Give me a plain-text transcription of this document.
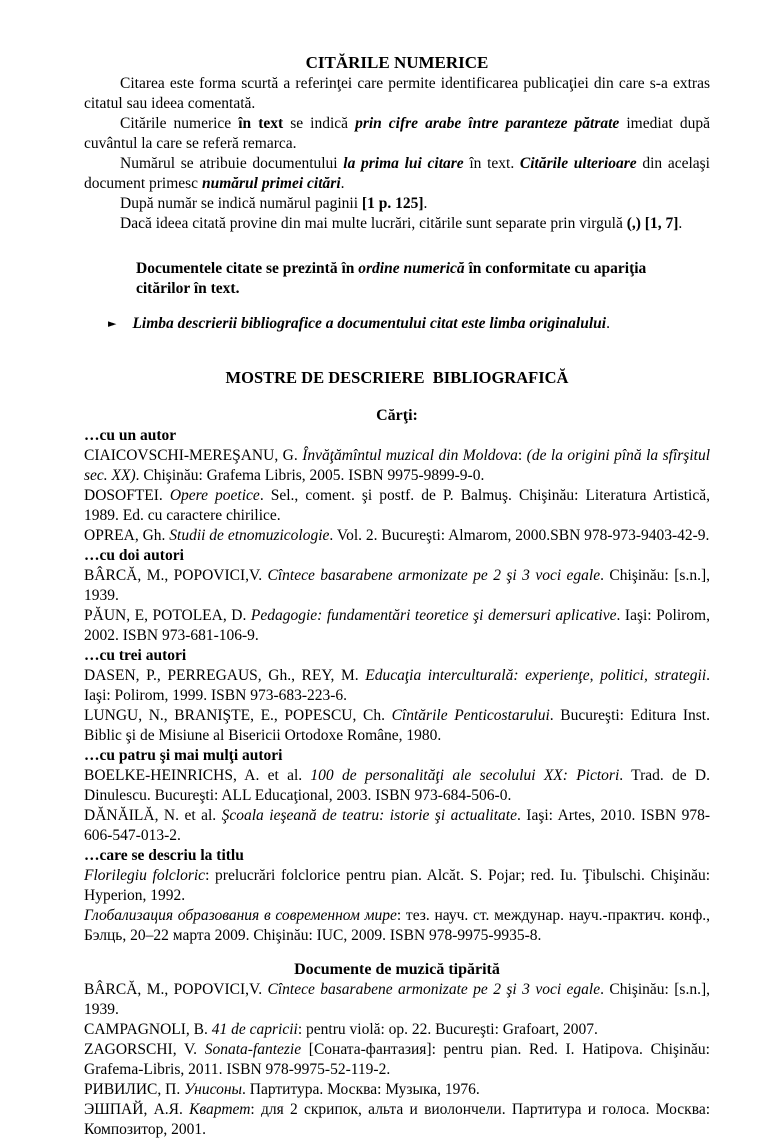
CITĂRILE NUMERICE

Citarea este forma scurtă a referinţei care permite identificarea publicaţiei din care s-a extras citatul sau ideea comentată.

Citările numerice în text se indică prin cifre arabe între paranteze pătrate imediat după cuvântul la care se referă remarca.

Numărul se atribuie documentului la prima lui citare în text. Citările ulterioare din acelaşi document primesc numărul primei citări.

După număr se indică numărul paginii [1 p. 125].

Dacă ideea citată provine din mai multe lucrări, citările sunt separate prin virgulă (,) [1, 7].

Documentele citate se prezintă în ordine numerică în conformitate cu apariţia citărilor în text.

► Limba descrierii bibliografice a documentului citat este limba originalului.

MOSTRE DE DESCRIERE  BIBLIOGRAFICĂ

Cărţi:

…cu un autor

CIAICOVSCHI-MEREŞANU, G. Învăţămîntul muzical din Moldova: (de la origini pînă la sfîrşitul sec. XX). Chişinău: Grafema Libris, 2005. ISBN 9975-9899-9-0.

DOSOFTEI. Opere poetice. Sel., coment. şi postf. de P. Balmuş. Chişinău: Literatura Artistică, 1989. Ed. cu caractere chirilice.

OPREA, Gh. Studii de etnomuzicologie. Vol. 2. Bucureşti: Almarom, 2000.SBN 978-973-9403-42-9.

…cu doi autori

BÂRCĂ, M., POPOVICI,V. Cîntece basarabene armonizate pe 2 şi 3 voci egale. Chişinău: [s.n.], 1939.

PĂUN, E, POTOLEA, D. Pedagogie: fundamentări teoretice şi demersuri aplicative. Iaşi: Polirom, 2002. ISBN 973-681-106-9.

…cu trei autori

DASEN, P., PERREGAUS, Gh., REY, M. Educaţia interculturală: experienţe, politici, strategii. Iaşi: Polirom, 1999. ISBN 973-683-223-6.

LUNGU, N., BRANIŞTE, E., POPESCU, Ch. Cîntările Penticostarului. Bucureşti: Editura Inst. Biblic şi de Misiune al Bisericii Ortodoxe Române, 1980.

…cu patru şi mai mulţi autori

BOELKE-HEINRICHS, A. et al. 100 de personalităţi ale secolului XX: Pictori. Trad. de D. Dinulescu. Bucureşti: ALL Educaţional, 2003. ISBN 973-684-506-0.

DĂNĂILĂ, N. et al. Şcoala ieşeană de teatru: istorie şi actualitate. Iaşi: Artes, 2010. ISBN 978-606-547-013-2.

…care se descriu la titlu

Florilegiu folcloric: prelucrări folclorice pentru pian. Alcăt. S. Pojar; red. Iu. Ţibulschi. Chişinău: Hyperion, 1992.

Глобализация образования в современном мире: тез. науч. ст. междунар. науч.-практич. конф., Бэлць, 20–22 марта 2009. Chişinău: IUC, 2009. ISBN 978-9975-9935-8.

Documente de muzică tipărită

BÂRCĂ, M., POPOVICI,V. Cîntece basarabene armonizate pe 2 şi 3 voci egale. Chişinău: [s.n.], 1939.

CAMPAGNOLI, B. 41 de capricii: pentru violă: op. 22. Bucureşti: Grafoart, 2007.

ZAGORSCHI, V. Sonata-fantezie [Соната-фантазия]: pentru pian. Red. I. Hatipova. Chişinău: Grafema-Libris, 2011. ISBN 978-9975-52-119-2.

РИВИЛИС, П. Унисоны. Партитура. Москва: Музыка, 1976.

ЭШПАЙ, А.Я. Квартет: для 2 скрипок, альта и виолончели. Партитура и голоса. Москва: Композитор, 2001.
